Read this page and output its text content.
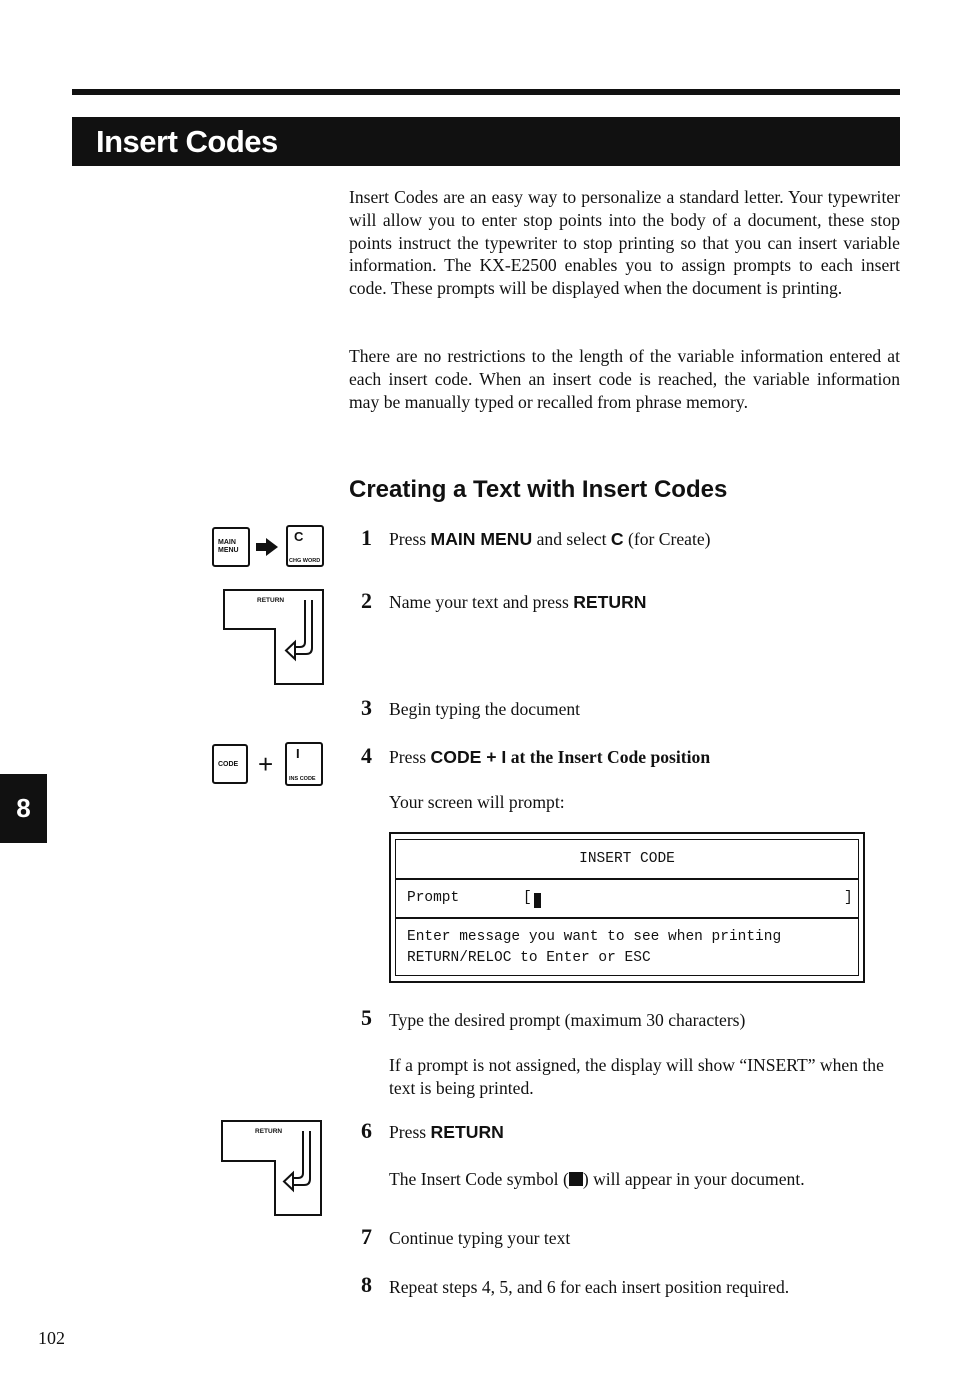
Insert Codes

Insert Codes are an easy way to personalize a standard letter. Your typewriter will allow you to enter stop points into the body of a document, these stop points instruct the typewriter to stop printing so that you can insert variable information. The KX-E2500 enables you to assign prompts to each insert code. These prompts will be displayed when the document is printing.

There are no restrictions to the length of the variable information entered at each insert code. When an insert code is reached, the variable information may be manually typed or recalled from phrase memory.

Creating a Text with Insert Codes
MAIN MENU
C
CHG WORD
RETURN
CODE + I
INS CODE
RETURN
1 Press MAIN MENU and select C (for Create)
2 Name your text and press RETURN
3 Begin typing the document
4 Press CODE + I at the Insert Code position

Your screen will prompt:

INSERT CODE
Prompt	[	]
Enter message you want to see when printing
RETURN/RELOC to Enter or ESC
5 Type the desired prompt (maximum 30 characters)

If a prompt is not assigned, the display will show “INSERT” when the text is being printed.

6 Press RETURN
The Insert Code symbol ( ) will appear in your document.
7 Continue typing your text
8 Repeat steps 4, 5, and 6 for each insert position required.
8
102
